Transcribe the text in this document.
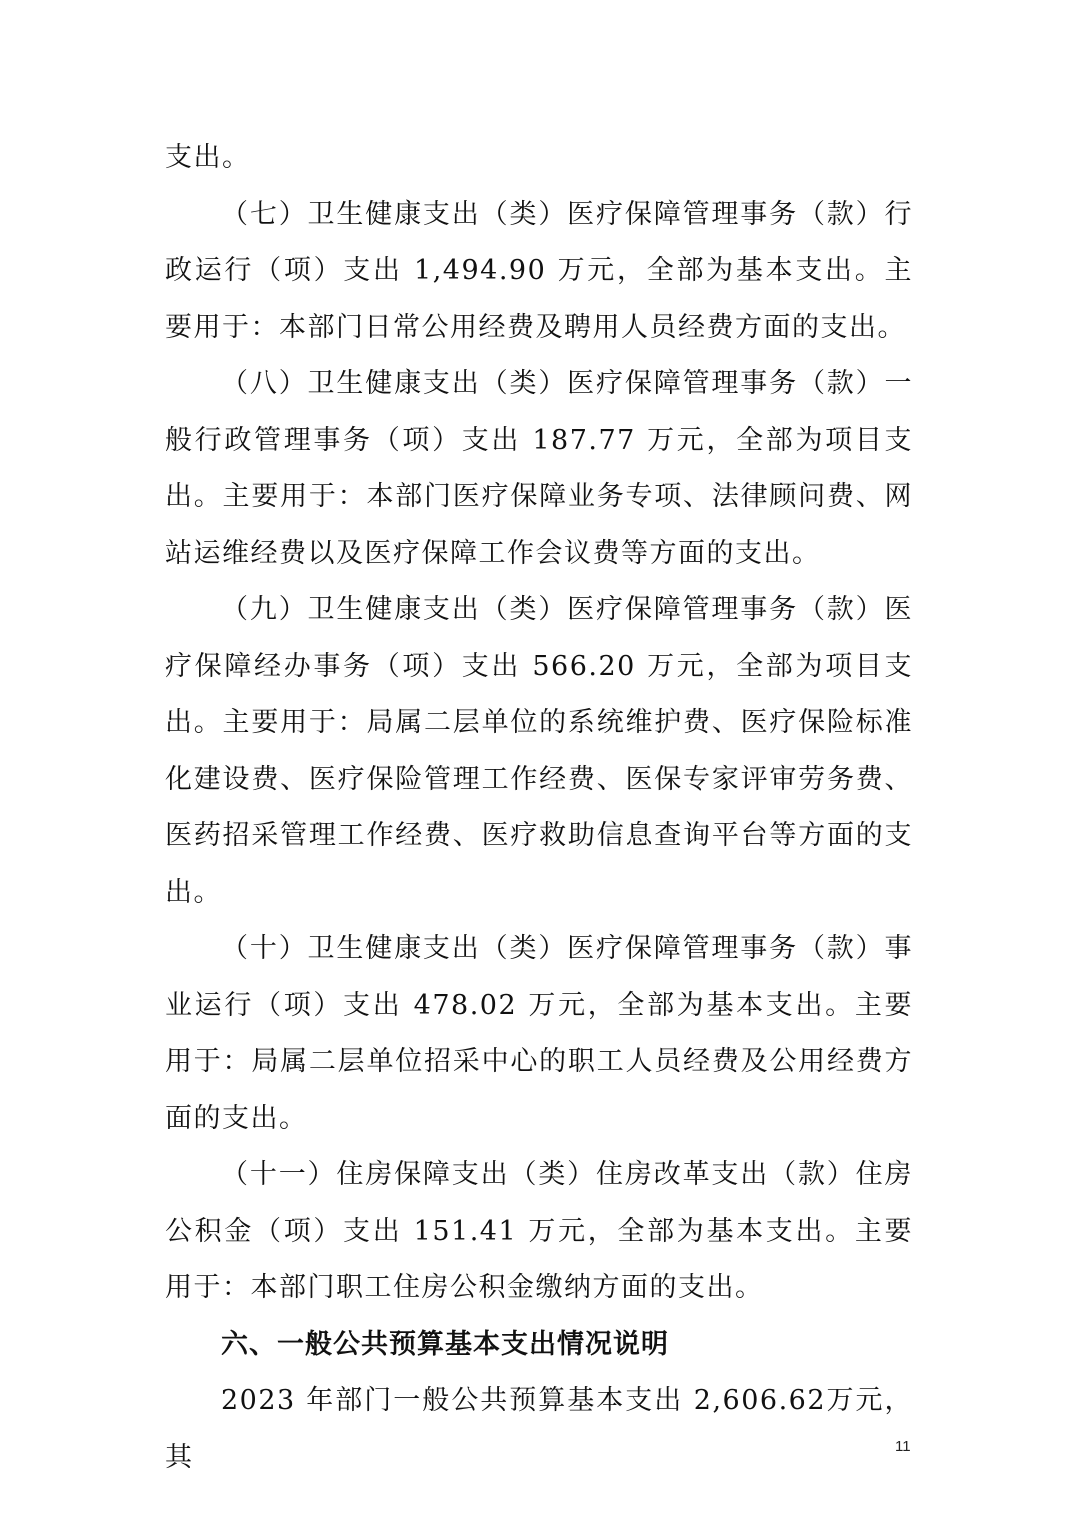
支出。

（七）卫生健康支出（类）医疗保障管理事务（款）行政运行（项）支出 1,494.90 万元，全部为基本支出。主要用于：本部门日常公用经费及聘用人员经费方面的支出。

（八）卫生健康支出（类）医疗保障管理事务（款）一般行政管理事务（项）支出 187.77 万元，全部为项目支出。主要用于：本部门医疗保障业务专项、法律顾问费、网站运维经费以及医疗保障工作会议费等方面的支出。

（九）卫生健康支出（类）医疗保障管理事务（款）医疗保障经办事务（项）支出 566.20 万元，全部为项目支出。主要用于：局属二层单位的系统维护费、医疗保险标准化建设费、医疗保险管理工作经费、医保专家评审劳务费、医药招采管理工作经费、医疗救助信息查询平台等方面的支出。

（十）卫生健康支出（类）医疗保障管理事务（款）事业运行（项）支出 478.02 万元，全部为基本支出。主要用于：局属二层单位招采中心的职工人员经费及公用经费方面的支出。

（十一）住房保障支出（类）住房改革支出（款）住房公积金（项）支出 151.41 万元，全部为基本支出。主要用于：本部门职工住房公积金缴纳方面的支出。

六、一般公共预算基本支出情况说明

2023 年部门一般公共预算基本支出 2,606.62万元，其	11
